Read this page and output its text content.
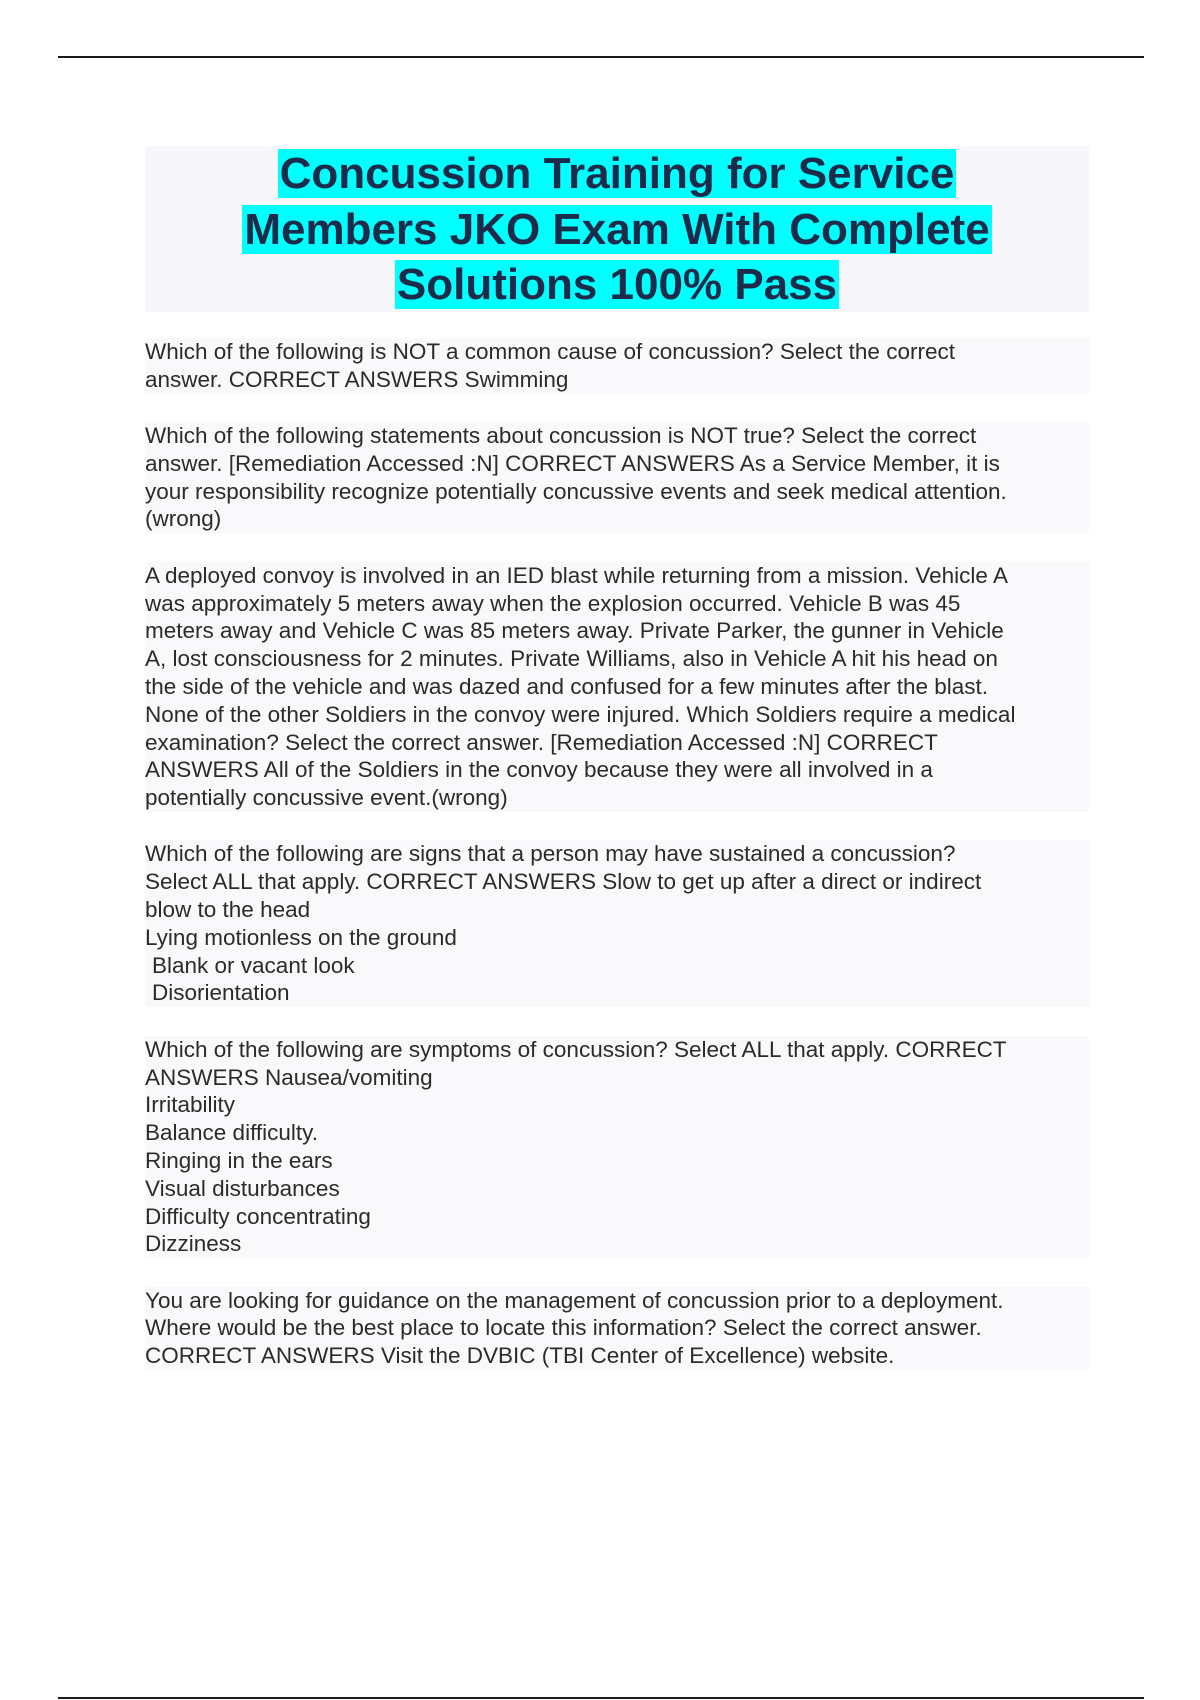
Concussion Training for Service
Members JKO Exam With Complete
Solutions 100% Pass

Which of the following is NOT a common cause of concussion? Select the correct
answer. CORRECT ANSWERS Swimming

Which of the following statements about concussion is NOT true? Select the correct
answer. [Remediation Accessed :N] CORRECT ANSWERS As a Service Member, it is
your responsibility recognize potentially concussive events and seek medical attention.
(wrong)

A deployed convoy is involved in an IED blast while returning from a mission. Vehicle A
was approximately 5 meters away when the explosion occurred. Vehicle B was 45
meters away and Vehicle C was 85 meters away. Private Parker, the gunner in Vehicle
A, lost consciousness for 2 minutes. Private Williams, also in Vehicle A hit his head on
the side of the vehicle and was dazed and confused for a few minutes after the blast.
None of the other Soldiers in the convoy were injured. Which Soldiers require a medical
examination? Select the correct answer. [Remediation Accessed :N] CORRECT
ANSWERS All of the Soldiers in the convoy because they were all involved in a
potentially concussive event.(wrong)

Which of the following are signs that a person may have sustained a concussion?
Select ALL that apply. CORRECT ANSWERS Slow to get up after a direct or indirect
blow to the head
Lying motionless on the ground
Blank or vacant look
Disorientation

Which of the following are symptoms of concussion? Select ALL that apply. CORRECT
ANSWERS Nausea/vomiting
Irritability
Balance difficulty.
Ringing in the ears
Visual disturbances
Difficulty concentrating
Dizziness

You are looking for guidance on the management of concussion prior to a deployment.
Where would be the best place to locate this information? Select the correct answer.
CORRECT ANSWERS Visit the DVBIC (TBI Center of Excellence) website.
